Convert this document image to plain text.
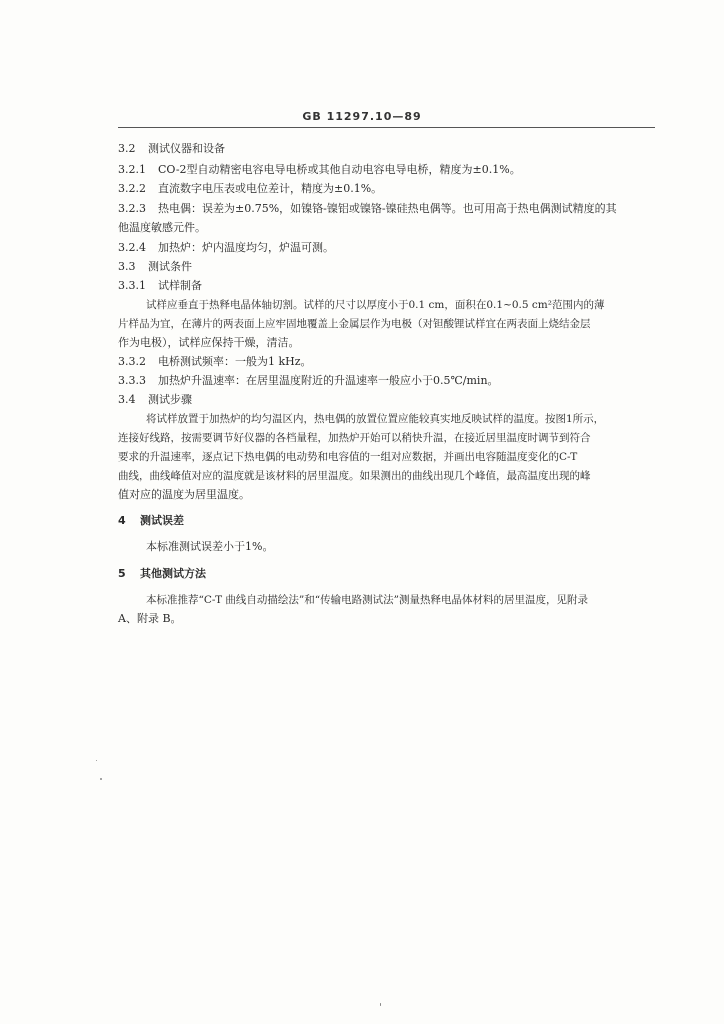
GB 11297.10—89
3.2 测试仪器和设备
3.2.1 CO-2型自动精密电容电导电桥或其他自动电容电导电桥，精度为±0.1%。
3.2.2 直流数字电压表或电位差计，精度为±0.1%。
3.2.3 热电偶：误差为±0.75%，如镍铬-镍铝或镍铬-镍硅热电偶等。也可用高于热电偶测试精度的其
他温度敏感元件。
3.2.4 加热炉：炉内温度均匀，炉温可测。
3.3 测试条件
3.3.1 试样制备
试样应垂直于热释电晶体轴切割。试样的尺寸以厚度小于0.1 cm，面积在0.1~0.5 cm²范围内的薄
片样品为宜，在薄片的两表面上应牢固地覆盖上金属层作为电极（对钽酸锂试样宜在两表面上烧结金层
作为电极），试样应保持干燥，清洁。
3.3.2 电桥测试频率：一般为1 kHz。
3.3.3 加热炉升温速率：在居里温度附近的升温速率一般应小于0.5℃/min。
3.4 测试步骤
将试样放置于加热炉的均匀温区内，热电偶的放置位置应能较真实地反映试样的温度。按图1所示，
连接好线路，按需要调节好仪器的各档量程，加热炉开始可以稍快升温，在接近居里温度时调节到符合
要求的升温速率，逐点记下热电偶的电动势和电容值的一组对应数据，并画出电容随温度变化的C-T
曲线，曲线峰值对应的温度就是该材料的居里温度。如果测出的曲线出现几个峰值，最高温度出现的峰
值对应的温度为居里温度。
4 测试误差
本标准测试误差小于1%。
5 其他测试方法
本标准推荐“C-T 曲线自动描绘法”和“传输电路测试法”测量热释电晶体材料的居里温度，见附录
A、附录 B。
